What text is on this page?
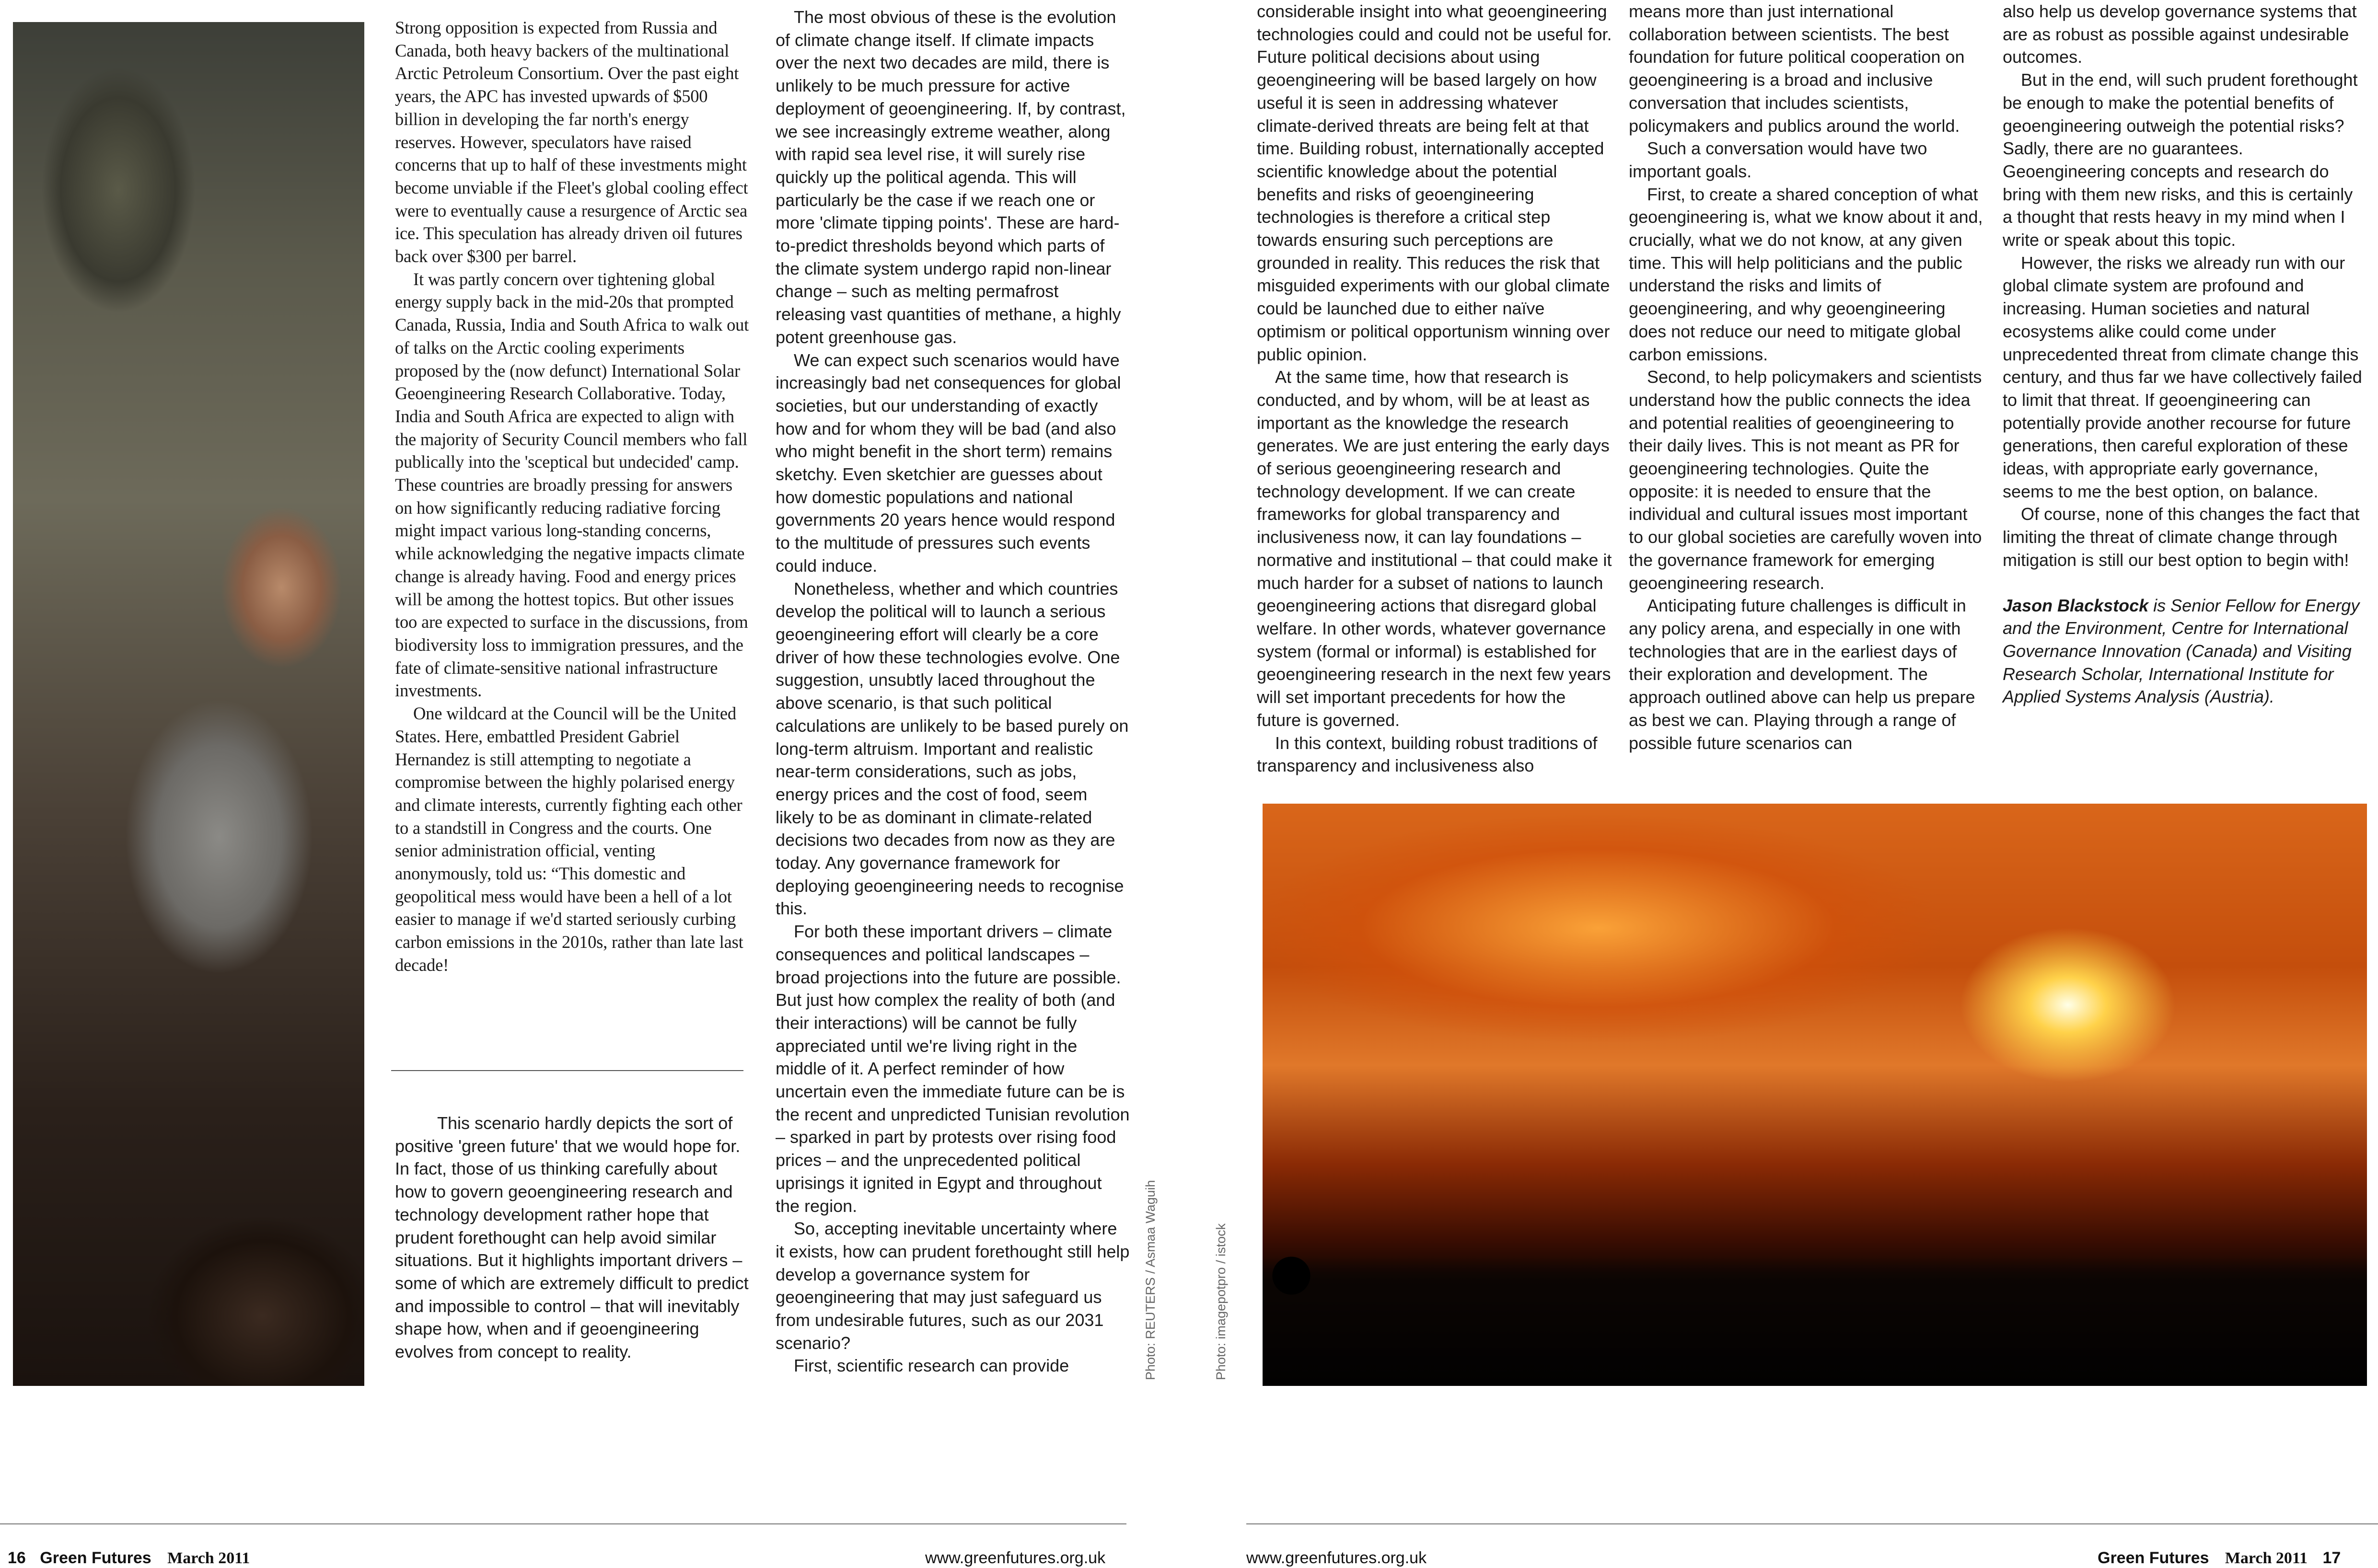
Strong opposition is expected from Russia and Canada, both heavy backers of the multinational Arctic Petroleum Consortium. Over the past eight years, the APC has invested upwards of $500 billion in developing the far north's energy reserves. However, speculators have raised concerns that up to half of these investments might become unviable if the Fleet's global cooling effect were to eventually cause a resurgence of Arctic sea ice. This speculation has already driven oil futures back over $300 per barrel.

It was partly concern over tightening global energy supply back in the mid-20s that prompted Canada, Russia, India and South Africa to walk out of talks on the Arctic cooling experiments proposed by the (now defunct) International Solar Geoengineering Research Collaborative. Today, India and South Africa are expected to align with the majority of Security Council members who fall publically into the 'sceptical but undecided' camp. These countries are broadly pressing for answers on how significantly reducing radiative forcing might impact various long-standing concerns, while acknowledging the negative impacts climate change is already having. Food and energy prices will be among the hottest topics. But other issues too are expected to surface in the discussions, from biodiversity loss to immigration pressures, and the fate of climate-sensitive national infrastructure investments.

One wildcard at the Council will be the United States. Here, embattled President Gabriel Hernandez is still attempting to negotiate a compromise between the highly polarised energy and climate interests, currently fighting each other to a standstill in Congress and the courts. One senior administration official, venting anonymously, told us: “This domestic and geopolitical mess would have been a hell of a lot easier to manage if we'd started seriously curbing carbon emissions in the 2010s, rather than late last decade!

This scenario hardly depicts the sort of positive 'green future' that we would hope for. In fact, those of us thinking carefully about how to govern geoengineering research and technology development rather hope that prudent forethought can help avoid similar situations. But it highlights important drivers – some of which are extremely difficult to predict and impossible to control – that will inevitably shape how, when and if geoengineering evolves from concept to reality.

The most obvious of these is the evolution of climate change itself. If climate impacts over the next two decades are mild, there is unlikely to be much pressure for active deployment of geoengineering. If, by contrast, we see increasingly extreme weather, along with rapid sea level rise, it will surely rise quickly up the political agenda. This will particularly be the case if we reach one or more 'climate tipping points'. These are hard-to-predict thresholds beyond which parts of the climate system undergo rapid non-linear change – such as melting permafrost releasing vast quantities of methane, a highly potent greenhouse gas.

We can expect such scenarios would have increasingly bad net consequences for global societies, but our understanding of exactly how and for whom they will be bad (and also who might benefit in the short term) remains sketchy. Even sketchier are guesses about how domestic populations and national governments 20 years hence would respond to the multitude of pressures such events could induce.

Nonetheless, whether and which countries develop the political will to launch a serious geoengineering effort will clearly be a core driver of how these technologies evolve. One suggestion, unsubtly laced throughout the above scenario, is that such political calculations are unlikely to be based purely on long-term altruism. Important and realistic near-term considerations, such as jobs, energy prices and the cost of food, seem likely to be as dominant in climate-related decisions two decades from now as they are today. Any governance framework for deploying geoengineering needs to recognise this.

For both these important drivers – climate consequences and political landscapes – broad projections into the future are possible. But just how complex the reality of both (and their interactions) will be cannot be fully appreciated until we're living right in the middle of it. A perfect reminder of how uncertain even the immediate future can be is the recent and unpredicted Tunisian revolution – sparked in part by protests over rising food prices – and the unprecedented political uprisings it ignited in Egypt and throughout the region.

So, accepting inevitable uncertainty where it exists, how can prudent forethought still help develop a governance system for geoengineering that may just safeguard us from undesirable futures, such as our 2031 scenario?

First, scientific research can provide	Photo: REUTERS / Asmaa Waguih	Photo: imagepotpro / istock

considerable insight into what geoengineering technologies could and could not be useful for. Future political decisions about using geoengineering will be based largely on how useful it is seen in addressing whatever climate-derived threats are being felt at that time. Building robust, internationally accepted scientific knowledge about the potential benefits and risks of geoengineering technologies is therefore a critical step towards ensuring such perceptions are grounded in reality. This reduces the risk that misguided experiments with our global climate could be launched due to either naïve optimism or political opportunism winning over public opinion.

At the same time, how that research is conducted, and by whom, will be at least as important as the knowledge the research generates. We are just entering the early days of serious geoengineering research and technology development. If we can create frameworks for global transparency and inclusiveness now, it can lay foundations – normative and institutional – that could make it much harder for a subset of nations to launch geoengineering actions that disregard global welfare. In other words, whatever governance system (formal or informal) is established for geoengineering research in the next few years will set important precedents for how the future is governed.

In this context, building robust traditions of transparency and inclusiveness also

means more than just international collaboration between scientists. The best foundation for future political cooperation on geoengineering is a broad and inclusive conversation that includes scientists, policymakers and publics around the world.

Such a conversation would have two important goals.

First, to create a shared conception of what geoengineering is, what we know about it and, crucially, what we do not know, at any given time. This will help politicians and the public understand the risks and limits of geoengineering, and why geoengineering does not reduce our need to mitigate global carbon emissions.

Second, to help policymakers and scientists understand how the public connects the idea and potential realities of geoengineering to their daily lives. This is not meant as PR for geoengineering technologies. Quite the opposite: it is needed to ensure that the individual and cultural issues most important to our global societies are carefully woven into the governance framework for emerging geoengineering research.

Anticipating future challenges is difficult in any policy arena, and especially in one with technologies that are in the earliest days of their exploration and development. The approach outlined above can help us prepare as best we can. Playing through a range of possible future scenarios can

also help us develop governance systems that are as robust as possible against undesirable outcomes.

But in the end, will such prudent forethought be enough to make the potential benefits of geoengineering outweigh the potential risks? Sadly, there are no guarantees. Geoengineering concepts and research do bring with them new risks, and this is certainly a thought that rests heavy in my mind when I write or speak about this topic.

However, the risks we already run with our global climate system are profound and increasing. Human societies and natural ecosystems alike could come under unprecedented threat from climate change this century, and thus far we have collectively failed to limit that threat. If geoengineering can potentially provide another recourse for future generations, then careful exploration of these ideas, with appropriate early governance, seems to me the best option, on balance.

Of course, none of this changes the fact that limiting the threat of climate change through mitigation is still our best option to begin with!

Jason Blackstock is Senior Fellow for Energy and the Environment, Centre for International Governance Innovation (Canada) and Visiting Research Scholar, International Institute for Applied Systems Analysis (Austria).

16 Green Futures March 2011	www.greenfutures.org.uk	www.greenfutures.org.uk	Green Futures March 2011 17
